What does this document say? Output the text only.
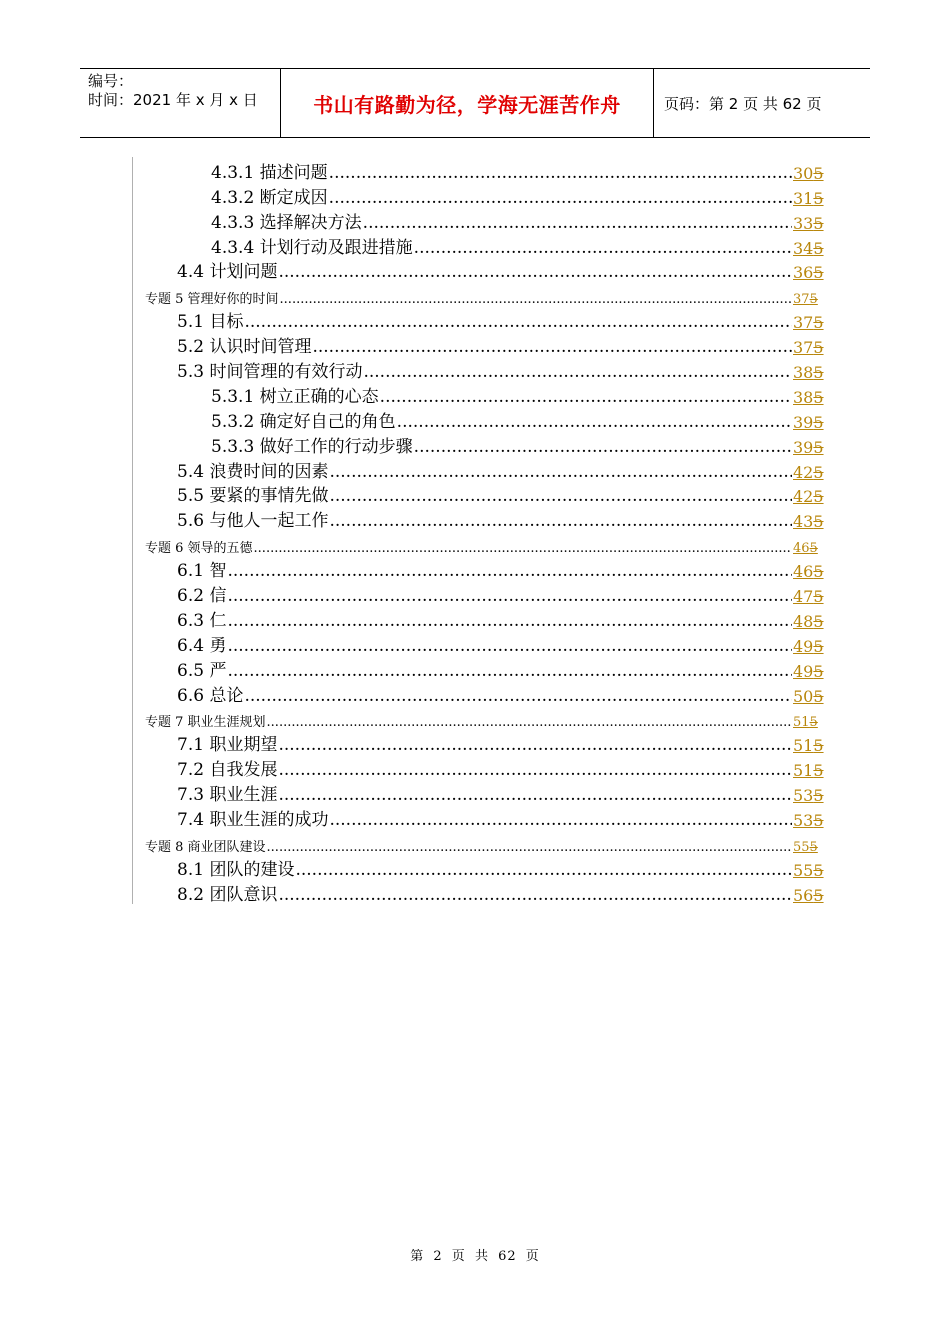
编号：
时间：2021 年 x 月 x 日	书山有路勤为径，学海无涯苦作舟	页码：第 2 页 共 62 页
4.3.1 描述问题 .....	305
4.3.2 断定成因 .....	315
4.3.3 选择解决方法 .....	335
4.3.4 计划行动及跟进措施 .....	345
4.4 计划问题 .....	365
专题 5 管理好你的时间 .....	375
5.1 目标 .....	375
5.2 认识时间管理 .....	375
5.3 时间管理的有效行动 .....	385
5.3.1 树立正确的心态 .....	385
5.3.2 确定好自己的角色 .....	395
5.3.3 做好工作的行动步骤 .....	395
5.4 浪费时间的因素 .....	425
5.5 要紧的事情先做 .....	425
5.6 与他人一起工作 .....	435
专题 6 领导的五德 .....	465
6.1 智 .....	465
6.2 信 .....	475
6.3 仁 .....	485
6.4 勇 .....	495
6.5 严 .....	495
6.6 总论 .....	505
专题 7 职业生涯规划 .....	515
7.1 职业期望 .....	515
7.2 自我发展 .....	515
7.3 职业生涯 .....	535
7.4 职业生涯的成功 .....	535
专题 8 商业团队建设 .....	555
8.1 团队的建设 .....	555
8.2 团队意识 .....	565
第 2 页 共 62 页
